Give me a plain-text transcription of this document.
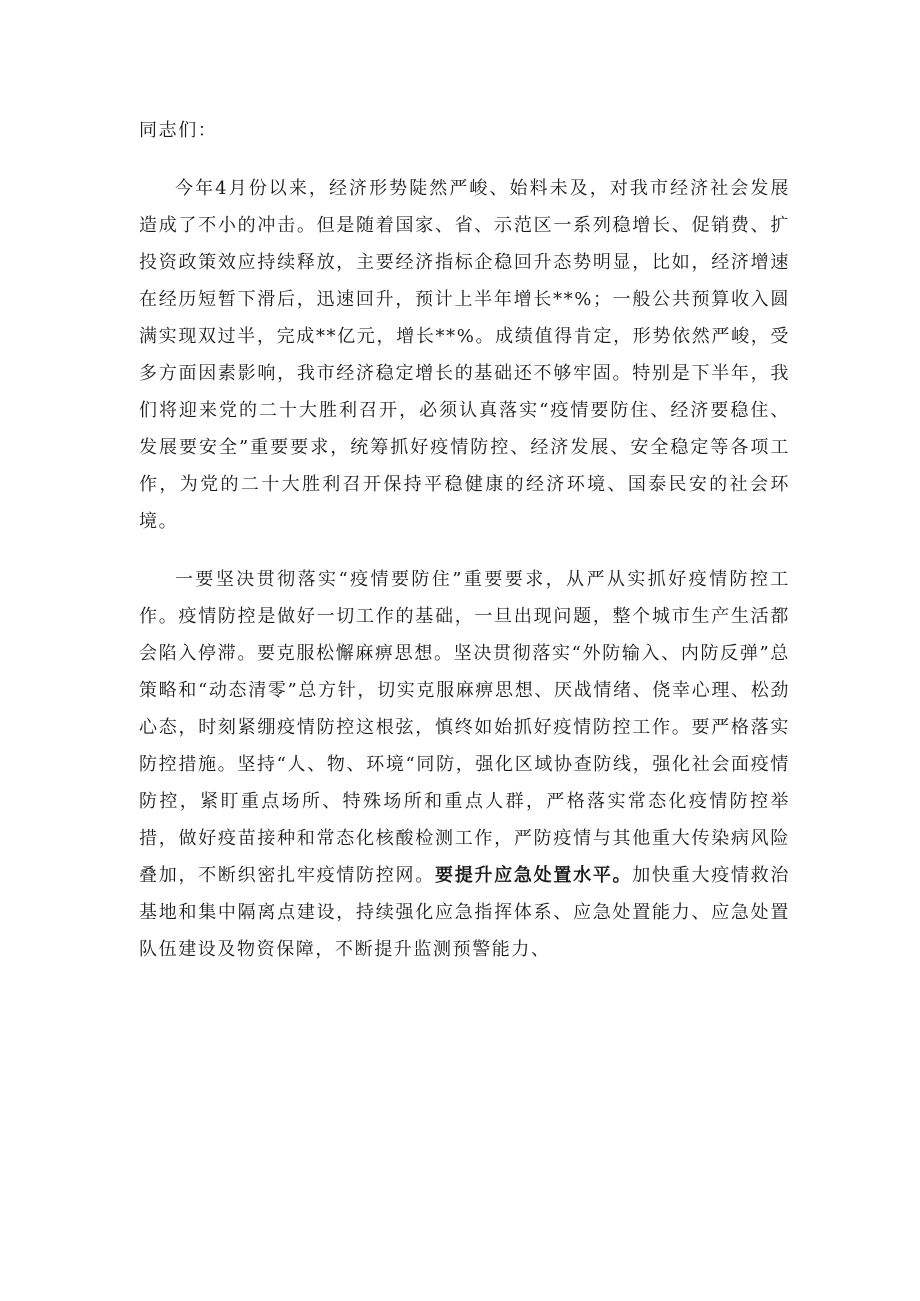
同志们：

今年4月份以来，经济形势陡然严峻、始料未及，对我市经济社会发展造成了不小的冲击。但是随着国家、省、示范区一系列稳增长、促销费、扩投资政策效应持续释放，主要经济指标企稳回升态势明显，比如，经济增速在经历短暂下滑后，迅速回升，预计上半年增长**%；一般公共预算收入圆满实现双过半，完成**亿元，增长**%。成绩值得肯定，形势依然严峻，受多方面因素影响，我市经济稳定增长的基础还不够牢固。特别是下半年，我们将迎来党的二十大胜利召开，必须认真落实“疫情要防住、经济要稳住、发展要安全”重要要求，统筹抓好疫情防控、经济发展、安全稳定等各项工作，为党的二十大胜利召开保持平稳健康的经济环境、国泰民安的社会环境。

一要坚决贯彻落实“疫情要防住”重要要求，从严从实抓好疫情防控工作。疫情防控是做好一切工作的基础，一旦出现问题，整个城市生产生活都会陷入停滞。要克服松懈麻痹思想。坚决贯彻落实“外防输入、内防反弹”总策略和“动态清零”总方针，切实克服麻痹思想、厌战情绪、侥幸心理、松劲心态，时刻紧绷疫情防控这根弦，慎终如始抓好疫情防控工作。要严格落实防控措施。坚持“人、物、环境“同防，强化区域协查防线，强化社会面疫情防控，紧盯重点场所、特殊场所和重点人群，严格落实常态化疫情防控举措，做好疫苗接种和常态化核酸检测工作，严防疫情与其他重大传染病风险叠加，不断织密扎牢疫情防控网。要提升应急处置水平。加快重大疫情救治基地和集中隔离点建设，持续强化应急指挥体系、应急处置能力、应急处置队伍建设及物资保障，不断提升监测预警能力、
